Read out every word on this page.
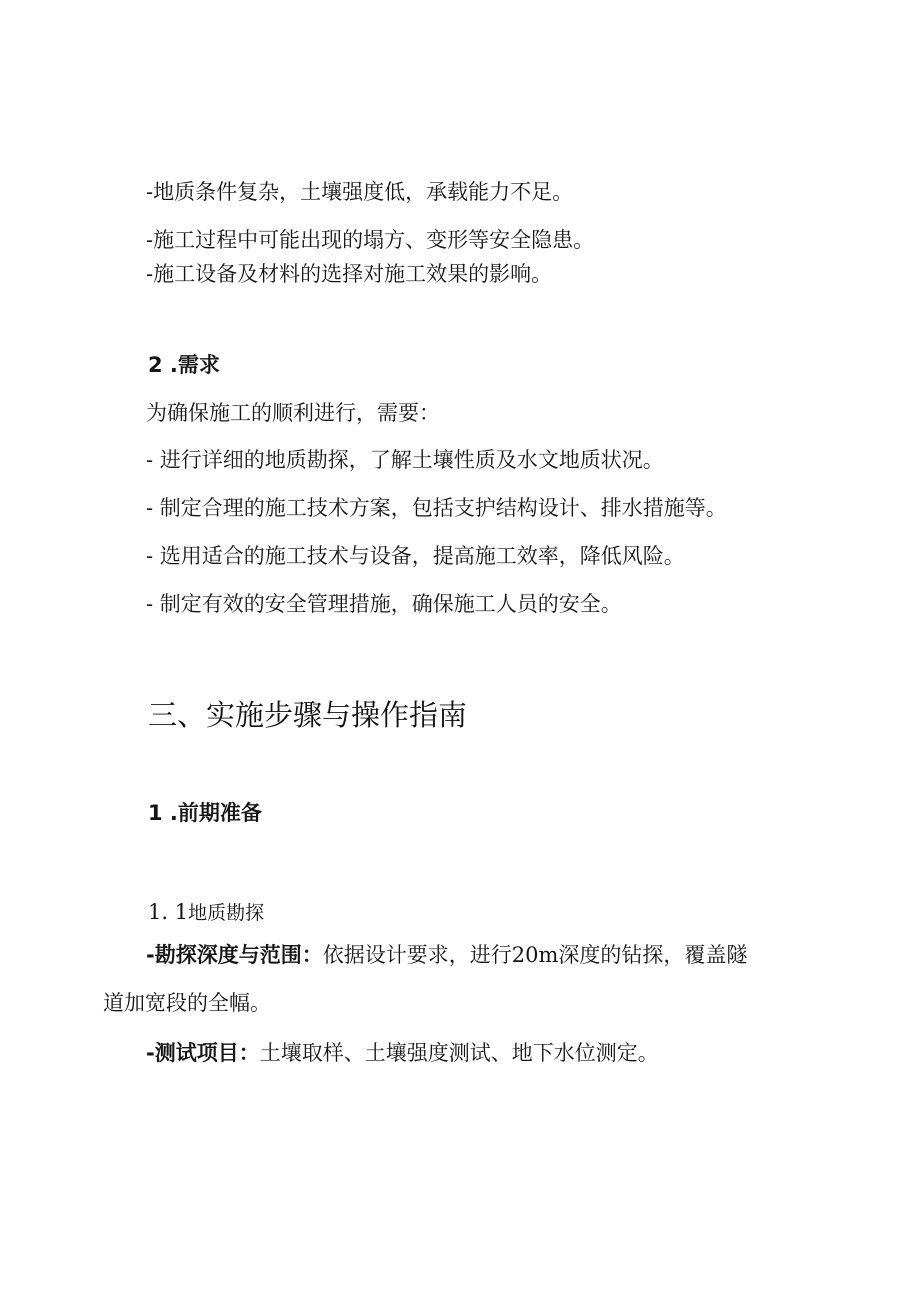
-地质条件复杂，土壤强度低，承载能力不足。
-施工过程中可能出现的塌方、变形等安全隐患。
-施工设备及材料的选择对施工效果的影响。
2 .需求
为确保施工的顺利进行，需要：
- 进行详细的地质勘探，了解土壤性质及水文地质状况。
- 制定合理的施工技术方案，包括支护结构设计、排水措施等。
- 选用适合的施工技术与设备，提高施工效率，降低风险。
- 制定有效的安全管理措施，确保施工人员的安全。
三、实施步骤与操作指南
1 .前期准备
1. 1地质勘探
-勘探深度与范围：依据设计要求，进行20m深度的钻探，覆盖隧
道加宽段的全幅。
-测试项目：土壤取样、土壤强度测试、地下水位测定。
